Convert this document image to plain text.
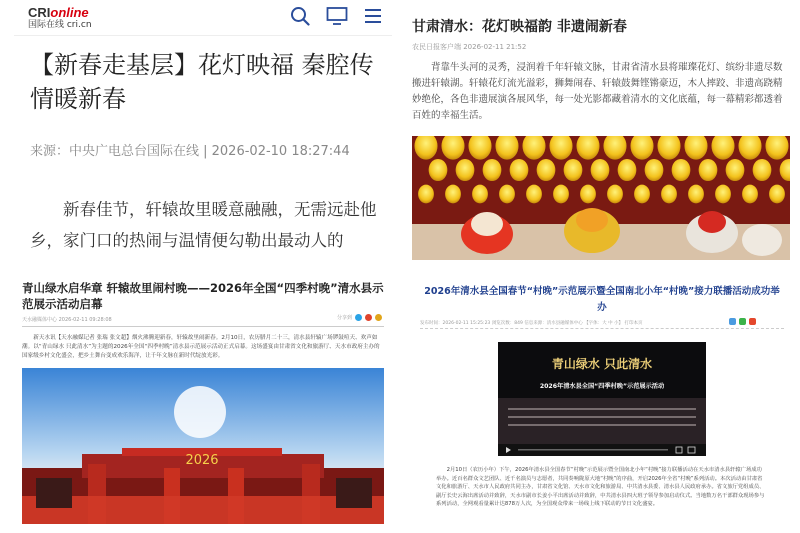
CRIonline
国际在线 cri.cn
【新春走基层】花灯映福 秦腔传情暖新春
来源：中央广电总台国际在线 | 2026-02-10 18:27:44

新春佳节，轩辕故里暖意融融，无需远赴他乡，家门口的热闹与温情便勾勒出最动人的

甘肃清水：花灯映福韵 非遗闹新春
农民日报客户端 2026-02-11 21:52

背靠牛头河的灵秀，浸润着千年轩辕文脉，甘肃省清水县将璀璨花灯、缤纷非遗尽数搬进轩辕湖。轩辕花灯流光溢彩，狮舞闹春、轩辕鼓舞铿锵豪迈，木人摔跤、非遗高跷精妙绝伦，各色非遗展演各展风华，每一处光影都藏着清水的文化底蕴，每一幕精彩都透着百姓的幸福生活。

青山绿水启华章 轩辕故里闹村晚——2026年全国“四季村晚”清水县示范展示活动启幕
天水融媒体中心 2026-02-11 09:28:08	分享到

新天水讯【天水融媒记者 张瑞 张文超】烟火沸腾迎新春，轩辕故里闹新春。2月10日，农历腊月二十三，清水县轩辕广场锣鼓喧天、欢声如潮。以“青山绿水 只此清水”为主题的2026年全国“四季村晚”清水县示范展示活动正式启幕。这场盛宴由甘肃省文化和旅游厅、天水市政府主办的国家级乡村文化盛会，把乡土舞台变成欢乐海洋，让千年文脉在新时代绽放光彩。

2026
2026年清水县全国春节“村晚”示范展示暨全国南北小年“村晚”接力联播活动成功举办
发布时间：2026-02-11 15:25:23 浏览次数：849 信息来源：清水县融媒体中心 【字体：大 中 小】 打印本页
青山绿水 只此清水
2026年清水县全国“四季村晚”示范展示活动

2月10日（农历小年）下午，2026年清水县全国春节“村晚”示范展示暨全国南北小年“村晚”接力联播活动在天水市清水县轩辕广场成功举办。近百名群众文艺团队、近千名演员与志愿者，共同奏响陇原大地“村晚”的序曲，开启2026年全省“村晚”系列活动。本次活动由甘肃省文化和旅游厅、天水市人民政府共同主办，甘肃省文化馆、天水市文化和旅游局、中共清水县委、清水县人民政府承办。省文旅厅党组成员、副厅长史云海出席活动并致辞，天水市副市长姜小平出席活动并致辞，中共清水县四大班子领导参加启动仪式。当地数万名干部群众现场参与系列活动，全网观看量累计达878万人次，为全国观众带来一场线上线下联动的节日文化盛宴。
